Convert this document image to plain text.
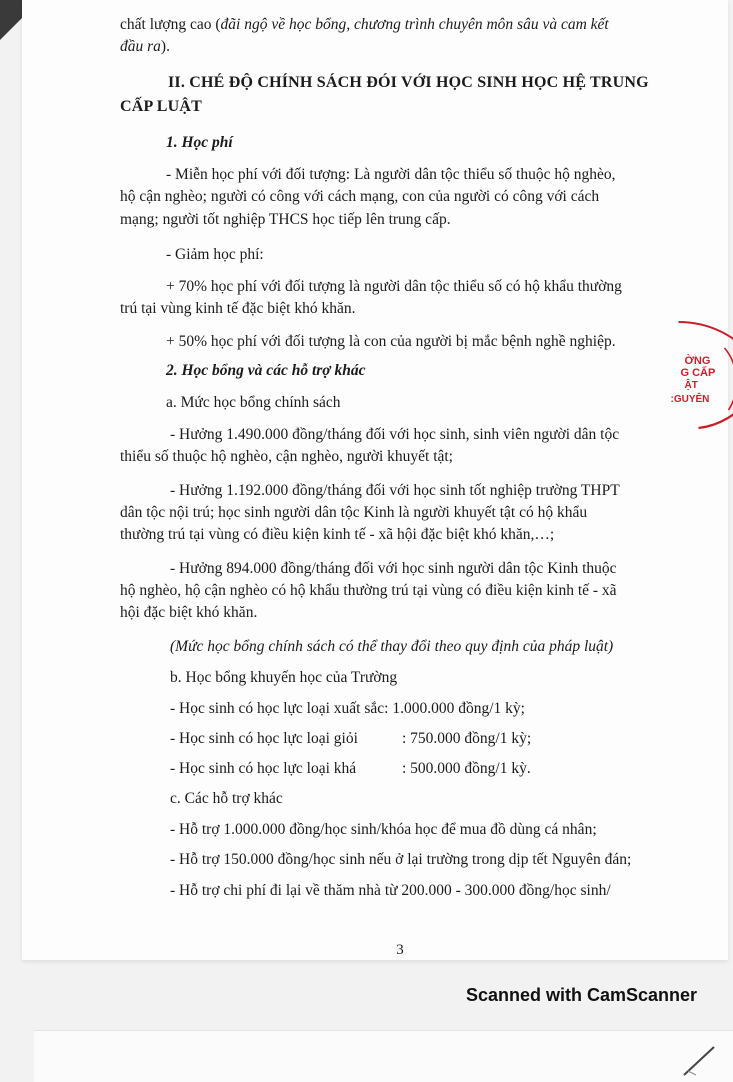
chất lượng cao (đãi ngộ về học bổng, chương trình chuyên môn sâu và cam kết
đầu ra).
II. CHÉ ĐỘ CHÍNH SÁCH ĐÓI VỚI HỌC SINH HỌC HỆ TRUNG
CẤP LUẬT
1. Học phí
- Miễn học phí với đối tượng: Là người dân tộc thiểu số thuộc hộ nghèo,
hộ cận nghèo; người có công với cách mạng, con của người có công với cách
mạng; người tốt nghiệp THCS học tiếp lên trung cấp.
- Giảm học phí:
+ 70% học phí với đối tượng là người dân tộc thiểu số có hộ khẩu thường
trú tại vùng kinh tế đặc biệt khó khăn.
+ 50% học phí với đối tượng là con của người bị mắc bệnh nghề nghiệp.
2. Học bổng và các hỗ trợ khác
a. Mức học bổng chính sách
- Hưởng 1.490.000 đồng/tháng đối với học sinh, sinh viên người dân tộc
thiểu số thuộc hộ nghèo, cận nghèo, người khuyết tật;
- Hưởng 1.192.000 đồng/tháng đối với học sinh tốt nghiệp trường THPT
dân tộc nội trú; học sinh người dân tộc Kinh là người khuyết tật có hộ khẩu
thường trú tại vùng có điều kiện kinh tế - xã hội đặc biệt khó khăn,…;
- Hưởng 894.000 đồng/tháng đối với học sinh người dân tộc Kinh thuộc
hộ nghèo, hộ cận nghèo có hộ khẩu thường trú tại vùng có điều kiện kinh tế - xã
hội đặc biệt khó khăn.
(Mức học bổng chính sách có thể thay đổi theo quy định của pháp luật)
b. Học bổng khuyến học của Trường
- Học sinh có học lực loại xuất sắc: 1.000.000 đồng/1 kỳ;
- Học sinh có học lực loại giỏi	: 750.000 đồng/1 kỳ;
- Học sinh có học lực loại khá	: 500.000 đồng/1 kỳ.
c. Các hỗ trợ khác
- Hỗ trợ 1.000.000 đồng/học sinh/khóa học để mua đồ dùng cá nhân;
- Hỗ trợ 150.000 đồng/học sinh nếu ở lại trường trong dịp tết Nguyên đán;
- Hỗ trợ chi phí đi lại về thăm nhà từ 200.000 - 300.000 đồng/học sinh/
3
ỜNG
G CẤP
ẬT
:GUYÊN
Scanned with CamScanner
